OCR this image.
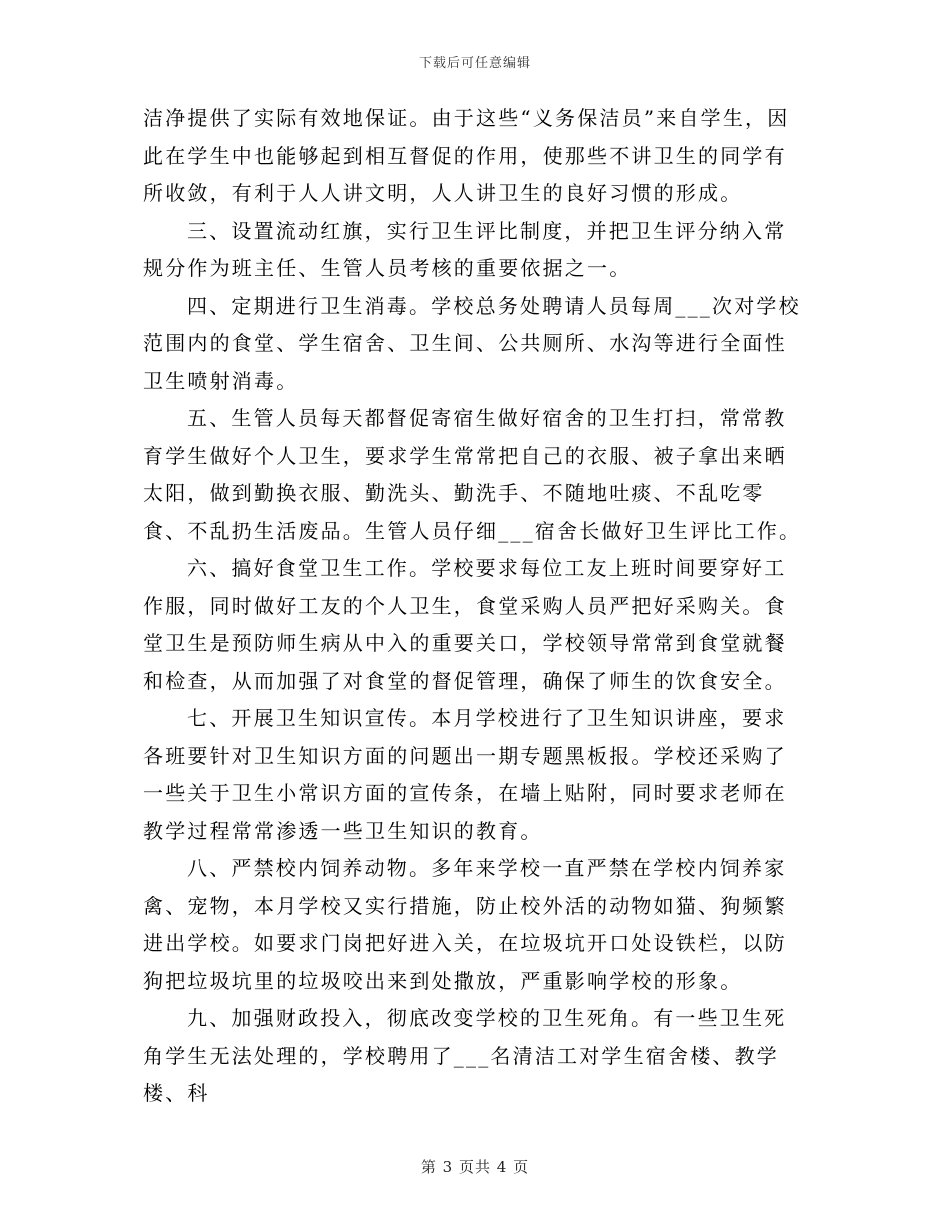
下载后可任意编辑

洁净提供了实际有效地保证。由于这些“义务保洁员”来自学生，因此在学生中也能够起到相互督促的作用，使那些不讲卫生的同学有所收敛，有利于人人讲文明，人人讲卫生的良好习惯的形成。

三、设置流动红旗，实行卫生评比制度，并把卫生评分纳入常规分作为班主任、生管人员考核的重要依据之一。

四、定期进行卫生消毒。学校总务处聘请人员每周___次对学校范围内的食堂、学生宿舍、卫生间、公共厕所、水沟等进行全面性卫生喷射消毒。

五、生管人员每天都督促寄宿生做好宿舍的卫生打扫，常常教育学生做好个人卫生，要求学生常常把自己的衣服、被子拿出来晒太阳，做到勤换衣服、勤洗头、勤洗手、不随地吐痰、不乱吃零食、不乱扔生活废品。生管人员仔细___宿舍长做好卫生评比工作。

六、搞好食堂卫生工作。学校要求每位工友上班时间要穿好工作服，同时做好工友的个人卫生，食堂采购人员严把好采购关。食堂卫生是预防师生病从中入的重要关口，学校领导常常到食堂就餐和检查，从而加强了对食堂的督促管理，确保了师生的饮食安全。

七、开展卫生知识宣传。本月学校进行了卫生知识讲座，要求各班要针对卫生知识方面的问题出一期专题黑板报。学校还采购了一些关于卫生小常识方面的宣传条，在墙上贴附，同时要求老师在教学过程常常渗透一些卫生知识的教育。

八、严禁校内饲养动物。多年来学校一直严禁在学校内饲养家禽、宠物，本月学校又实行措施，防止校外活的动物如猫、狗频繁进出学校。如要求门岗把好进入关，在垃圾坑开口处设铁栏，以防狗把垃圾坑里的垃圾咬出来到处撒放，严重影响学校的形象。

九、加强财政投入，彻底改变学校的卫生死角。有一些卫生死角学生无法处理的，学校聘用了___名清洁工对学生宿舍楼、教学楼、科

第 3 页共 4 页
